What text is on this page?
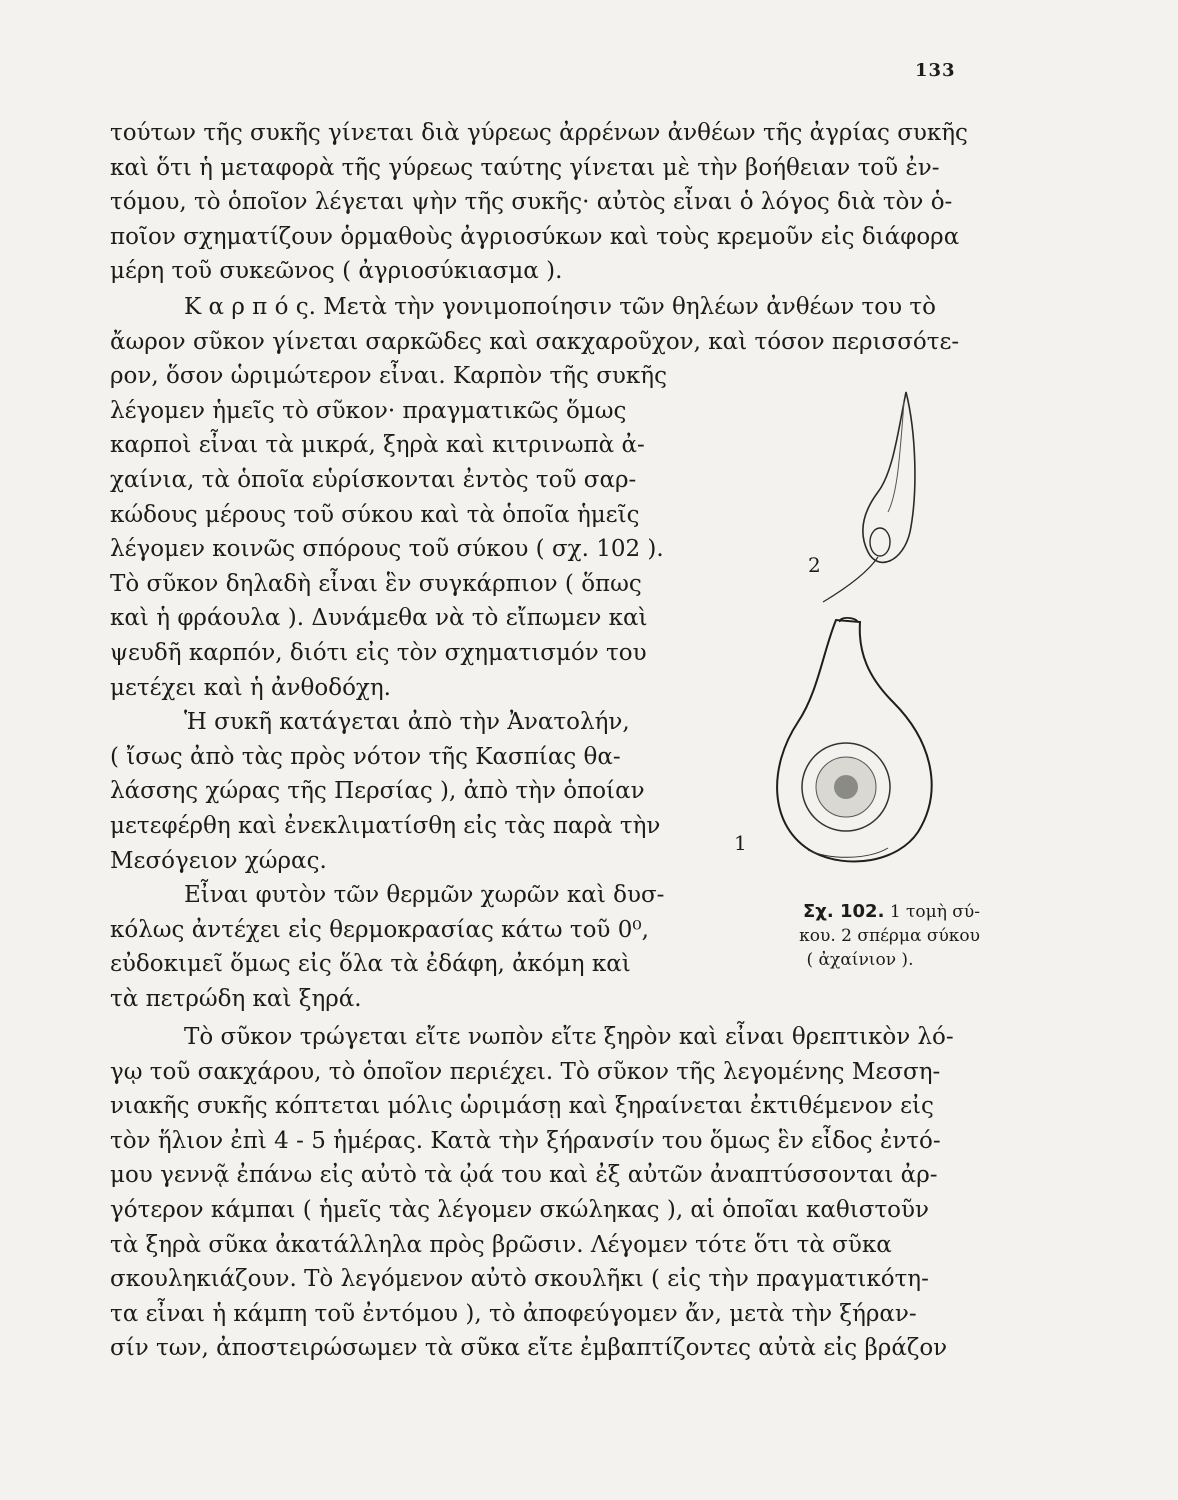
133
τούτων τῆς συκῆς γίνεται διὰ γύρεως ἀρρένων ἀνθέων τῆς ἀγρίας συκῆς
καὶ ὅτι ἡ μεταφορὰ τῆς γύρεως ταύτης γίνεται μὲ τὴν βοήθειαν τοῦ ἐν-
τόμου, τὸ ὁποῖον λέγεται ψὴν τῆς συκῆς· αὐτὸς εἶναι ὁ λόγος διὰ τὸν ὁ-
ποῖον σχηματίζουν ὁρμαθοὺς ἀγριοσύκων καὶ τοὺς κρεμοῦν εἰς διάφορα
μέρη τοῦ συκεῶνος ( ἀγριοσύκιασμα ).
Κ α ρ π ό ς. Μετὰ τὴν γονιμοποίησιν τῶν θηλέων ἀνθέων του τὸ
ἄωρον σῦκον γίνεται σαρκῶδες καὶ σακχαροῦχον, καὶ τόσον περισσότε-
ρον, ὅσον ὡριμώτερον εἶναι. Καρπὸν τῆς συκῆς
λέγομεν ἡμεῖς τὸ σῦκον· πραγματικῶς ὅμως
καρποὶ εἶναι τὰ μικρά, ξηρὰ καὶ κιτρινωπὰ ἀ-
χαίνια, τὰ ὁποῖα εὑρίσκονται ἐντὸς τοῦ σαρ-
κώδους μέρους τοῦ σύκου καὶ τὰ ὁποῖα ἡμεῖς
λέγομεν κοινῶς σπόρους τοῦ σύκου ( σχ. 102 ).
Τὸ σῦκον δηλαδὴ εἶναι ἓν συγκάρπιον ( ὅπως
καὶ ἡ φράουλα ). Δυνάμεθα νὰ τὸ εἴπωμεν καὶ
ψευδῆ καρπόν, διότι εἰς τὸν σχηματισμόν του
μετέχει καὶ ἡ ἀνθοδόχη.
Ἡ συκῆ κατάγεται ἀπὸ τὴν Ἀνατολήν,
( ἴσως ἀπὸ τὰς πρὸς νότον τῆς Κασπίας θα-
λάσσης χώρας τῆς Περσίας ), ἀπὸ τὴν ὁποίαν
μετεφέρθη καὶ ἐνεκλιματίσθη εἰς τὰς παρὰ τὴν
Μεσόγειον χώρας.
Εἶναι φυτὸν τῶν θερμῶν χωρῶν καὶ δυσ-
κόλως ἀντέχει εἰς θερμοκρασίας κάτω τοῦ 0⁰,
εὐδοκιμεῖ ὅμως εἰς ὅλα τὰ ἐδάφη, ἀκόμη καὶ
τὰ πετρώδη καὶ ξηρά.
2
1
Σχ. 102. 1 τομὴ σύ-
κου. 2 σπέρμα σύκου
( ἀχαίνιον ).
Τὸ σῦκον τρώγεται εἴτε νωπὸν εἴτε ξηρὸν καὶ εἶναι θρεπτικὸν λό-
γῳ τοῦ σακχάρου, τὸ ὁποῖον περιέχει. Τὸ σῦκον τῆς λεγομένης Μεσση-
νιακῆς συκῆς κόπτεται μόλις ὡριμάσῃ καὶ ξηραίνεται ἐκτιθέμενον εἰς
τὸν ἥλιον ἐπὶ 4 - 5 ἡμέρας. Κατὰ τὴν ξήρανσίν του ὅμως ἓν εἶδος ἐντό-
μου γεννᾷ ἐπάνω εἰς αὐτὸ τὰ ᾠά του καὶ ἐξ αὐτῶν ἀναπτύσσονται ἀρ-
γότερον κάμπαι ( ἡμεῖς τὰς λέγομεν σκώληκας ), αἱ ὁποῖαι καθιστοῦν
τὰ ξηρὰ σῦκα ἀκατάλληλα πρὸς βρῶσιν. Λέγομεν τότε ὅτι τὰ σῦκα
σκουληκιάζουν. Τὸ λεγόμενον αὐτὸ σκουλῆκι ( εἰς τὴν πραγματικότη-
τα εἶναι ἡ κάμπη τοῦ ἐντόμου ), τὸ ἀποφεύγομεν ἄν, μετὰ τὴν ξήραν-
σίν των, ἀποστειρώσωμεν τὰ σῦκα εἴτε ἐμβαπτίζοντες αὐτὰ εἰς βράζον
